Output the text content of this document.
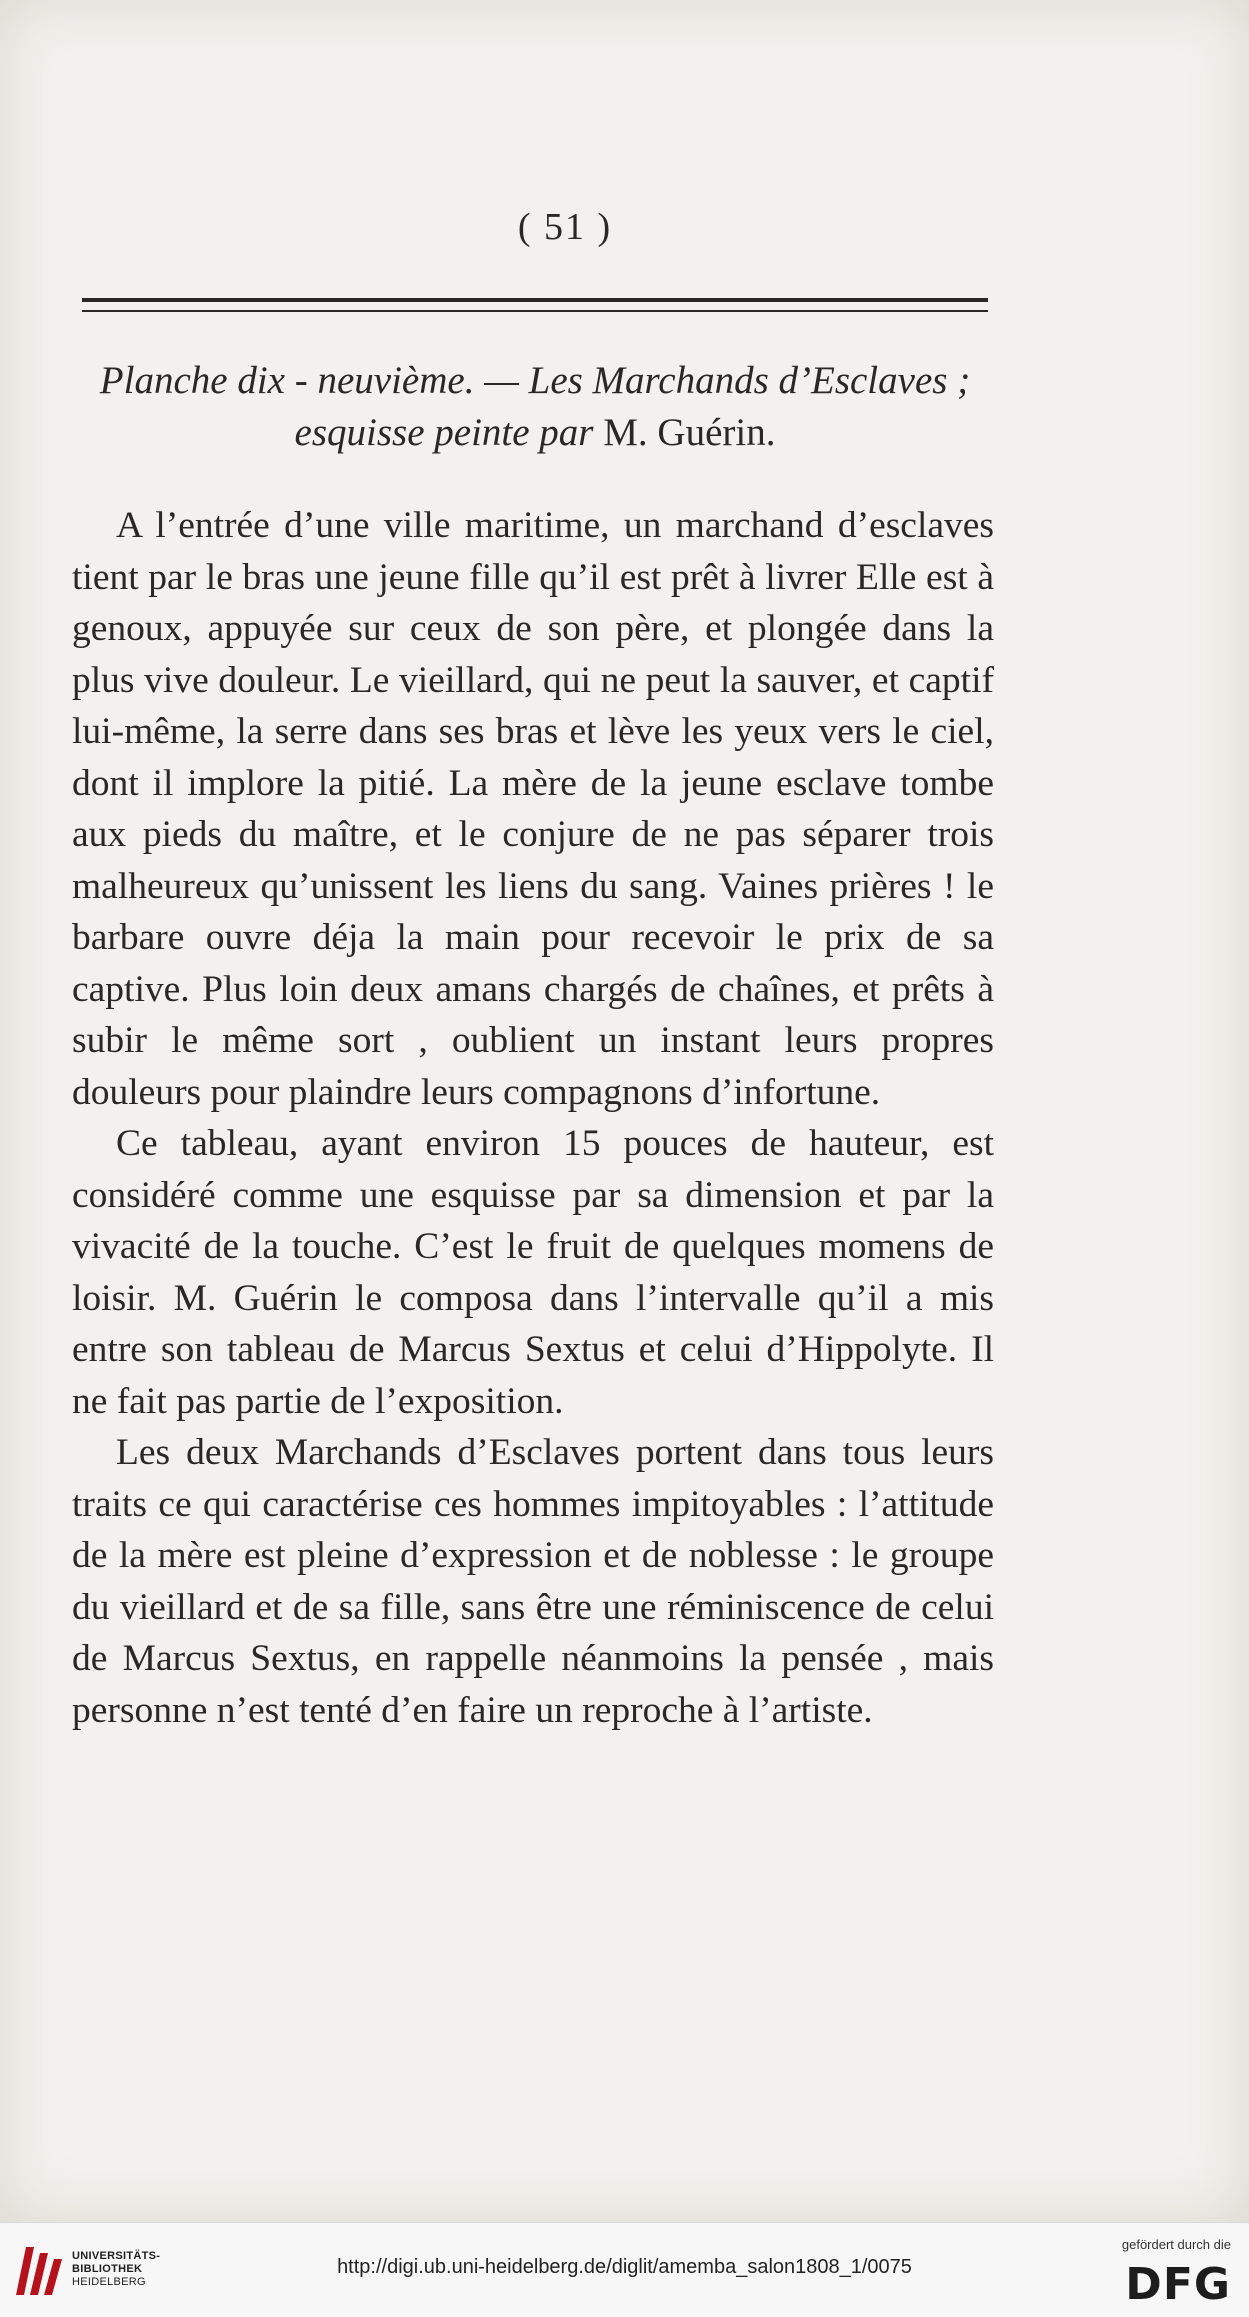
( 51 )
Planche dix - neuvième. — Les Marchands d’Esclaves ;
esquisse peinte par M. Guérin.

A l’entrée d’une ville maritime, un marchand d’esclaves tient par le bras une jeune fille qu’il est prêt à livrer Elle est à genoux, appuyée sur ceux de son père, et plongée dans la plus vive douleur. Le vieillard, qui ne peut la sauver, et captif lui-même, la serre dans ses bras et lève les yeux vers le ciel, dont il implore la pitié. La mère de la jeune esclave tombe aux pieds du maître, et le conjure de ne pas séparer trois malheureux qu’unissent les liens du sang. Vaines prières ! le barbare ouvre déja la main pour recevoir le prix de sa captive. Plus loin deux amans chargés de chaînes, et prêts à subir le même sort , oublient un instant leurs propres douleurs pour plaindre leurs compagnons d’infortune.

Ce tableau, ayant environ 15 pouces de hauteur, est considéré comme une esquisse par sa dimension et par la vivacité de la touche. C’est le fruit de quelques momens de loisir. M. Guérin le composa dans l’intervalle qu’il a mis entre son tableau de Marcus Sextus et celui d’Hippolyte. Il ne fait pas partie de l’exposition.

Les deux Marchands d’Esclaves portent dans tous leurs traits ce qui caractérise ces hommes impitoyables : l’attitude de la mère est pleine d’expression et de noblesse : le groupe du vieillard et de sa fille, sans être une réminiscence de celui de Marcus Sextus, en rappelle néanmoins la pensée , mais personne n’est tenté d’en faire un reproche à l’artiste.

UNIVERSITÄTS-
BIBLIOTHEK
HEIDELBERG
http://digi.ub.uni-heidelberg.de/diglit/amemba_salon1808_1/0075
gefördert durch die
DFG
